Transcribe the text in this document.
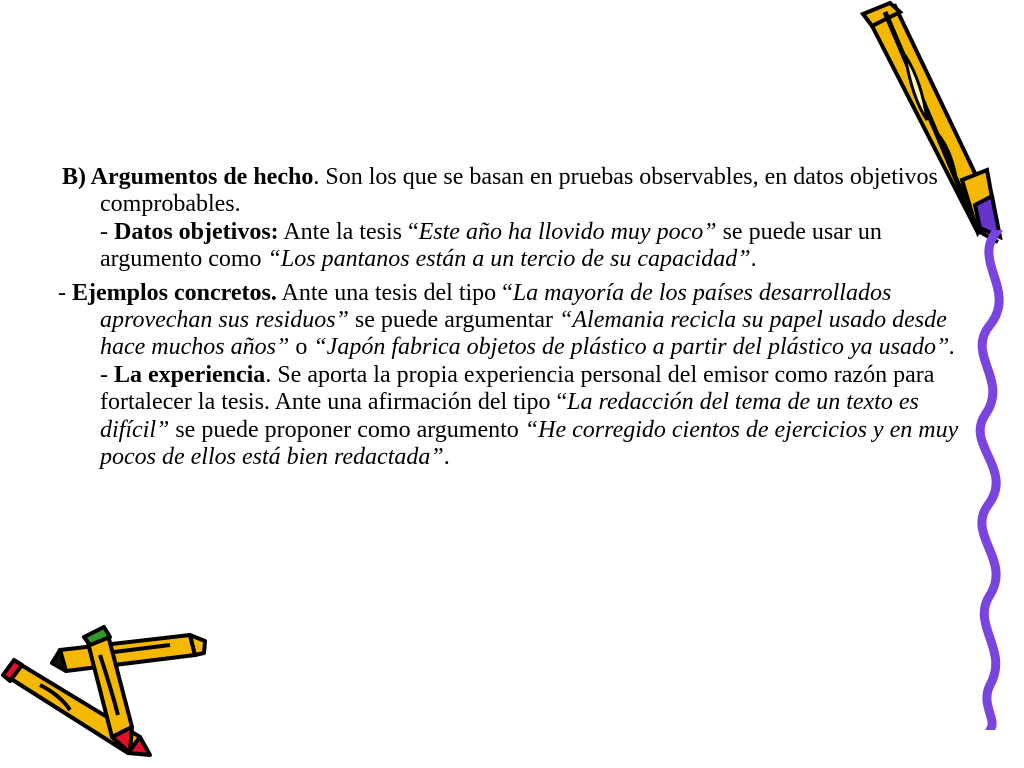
B) Argumentos de hecho. Son los que se basan en pruebas observables, en datos objetivos comprobables.
- Datos objetivos: Ante la tesis “Este año ha llovido muy poco” se puede usar un argumento como “Los pantanos están a un tercio de su capacidad”.

- Ejemplos concretos. Ante una tesis del tipo “La mayoría de los países desarrollados aprovechan sus residuos” se puede argumentar “Alemania recicla su papel usado desde hace muchos años” o “Japón fabrica objetos de plástico a partir del plástico ya usado”.
- La experiencia. Se aporta la propia experiencia personal del emisor como razón para fortalecer la tesis. Ante una afirmación del tipo “La redacción del tema de un texto es difícil” se puede proponer como argumento “He corregido cientos de ejercicios y en muy pocos de ellos está bien redactada”.
